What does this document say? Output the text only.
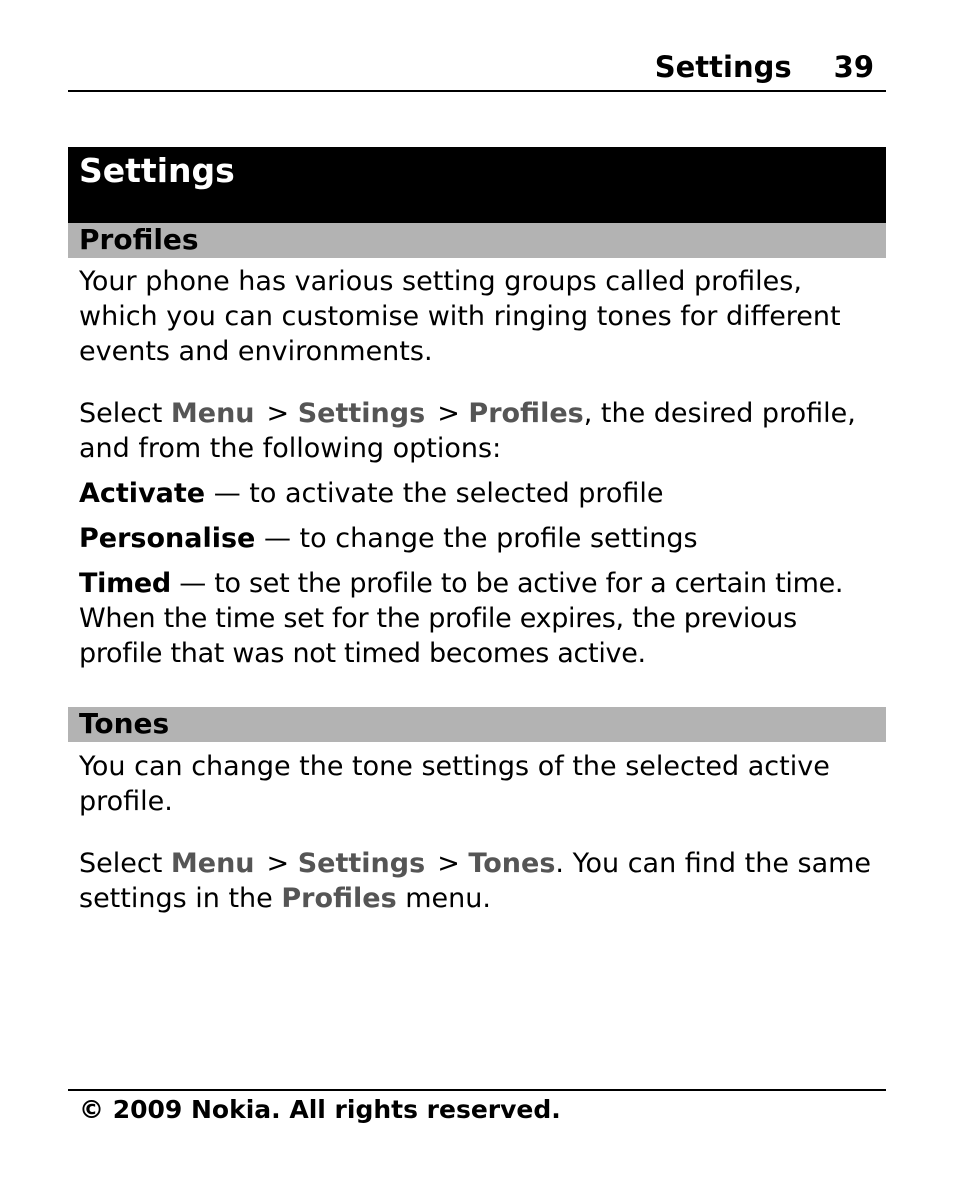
Settings 39
Settings
Profiles

Your phone has various setting groups called profiles, which you can customise with ringing tones for different events and environments.

Select Menu > Settings > Profiles, the desired profile, and from the following options:

Activate — to activate the selected profile

Personalise — to change the profile settings

Timed — to set the profile to be active for a certain time. When the time set for the profile expires, the previous profile that was not timed becomes active.

Tones

You can change the tone settings of the selected active profile.

Select Menu > Settings > Tones. You can find the same settings in the Profiles menu.

© 2009 Nokia. All rights reserved.
